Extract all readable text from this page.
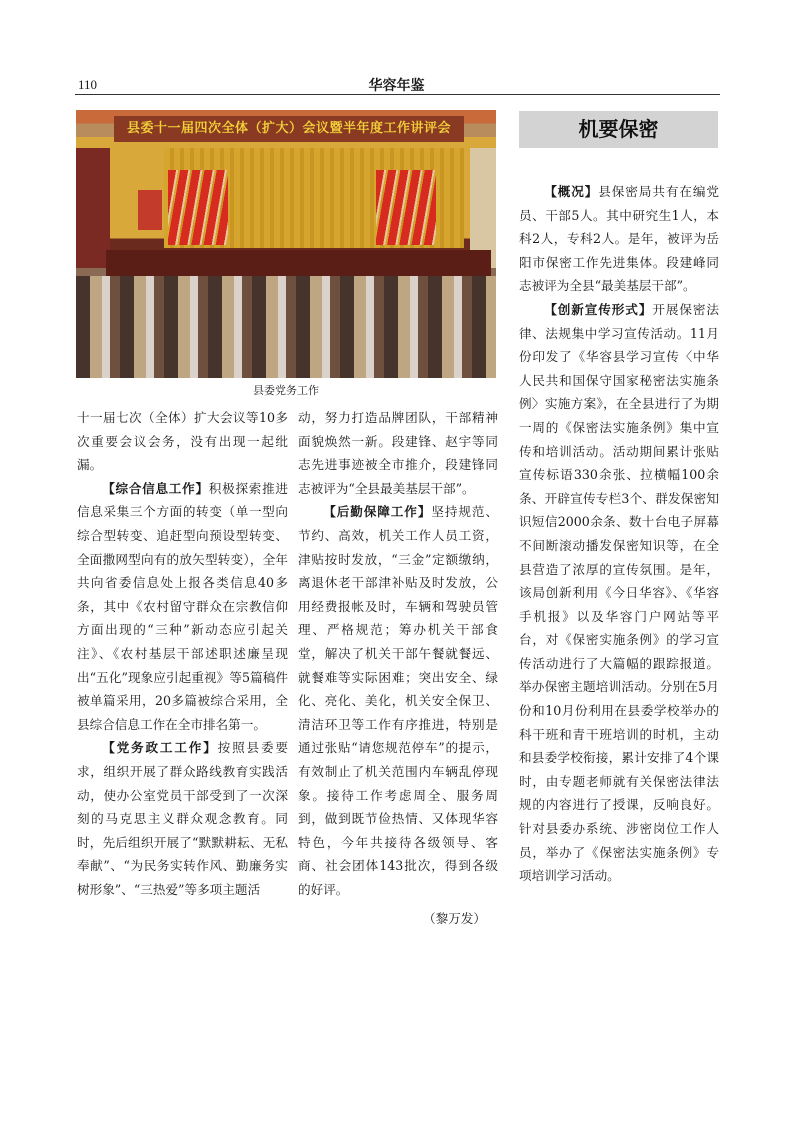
110	华容年鉴
县委十一届四次全体（扩大）会议暨半年度工作讲评会
县委党务工作

十一届七次（全体）扩大会议等10多次重要会议会务，没有出现一起纰漏。

【综合信息工作】积极探索推进信息采集三个方面的转变（单一型向综合型转变、追赶型向预设型转变、全面撒网型向有的放矢型转变），全年共向省委信息处上报各类信息40多条，其中《农村留守群众在宗教信仰方面出现的“三种”新动态应引起关注》、《农村基层干部述职述廉呈现出“五化”现象应引起重视》等5篇稿件被单篇采用，20多篇被综合采用，全县综合信息工作在全市排名第一。

【党务政工工作】按照县委要求，组织开展了群众路线教育实践活动，使办公室党员干部受到了一次深刻的马克思主义群众观念教育。同时，先后组织开展了“默默耕耘、无私奉献”、“为民务实转作风、勤廉务实树形象”、“三热爱”等多项主题活

动，努力打造品牌团队，干部精神面貌焕然一新。段建锋、赵宇等同志先进事迹被全市推介，段建锋同志被评为“全县最美基层干部”。

【后勤保障工作】坚持规范、节约、高效，机关工作人员工资，津贴按时发放，“三金”定额缴纳，离退休老干部津补贴及时发放，公用经费报帐及时，车辆和驾驶员管理、严格规范；筹办机关干部食堂，解决了机关干部午餐就餐远、就餐难等实际困难；突出安全、绿化、亮化、美化，机关安全保卫、清洁环卫等工作有序推进，特别是通过张贴“请您规范停车”的提示，有效制止了机关范围内车辆乱停现象。接待工作考虑周全、服务周到，做到既节俭热情、又体现华容特色，今年共接待各级领导、客商、社会团体143批次，得到各级的好评。

（黎万发）

机要保密

【概况】县保密局共有在编党员、干部5人。其中研究生1人，本科2人，专科2人。是年，被评为岳阳市保密工作先进集体。段建峰同志被评为全县“最美基层干部”。

【创新宣传形式】开展保密法律、法规集中学习宣传活动。11月份印发了《华容县学习宣传〈中华人民共和国保守国家秘密法实施条例〉实施方案》，在全县进行了为期一周的《保密法实施条例》集中宣传和培训活动。活动期间累计张贴宣传标语330余张、拉横幅100余条、开辟宣传专栏3个、群发保密知识短信2000余条、数十台电子屏幕不间断滚动播发保密知识等，在全县营造了浓厚的宣传氛围。是年，该局创新利用《今日华容》、《华容手机报》以及华容门户网站等平台，对《保密实施条例》的学习宣传活动进行了大篇幅的跟踪报道。举办保密主题培训活动。分别在5月份和10月份利用在县委学校举办的科干班和青干班培训的时机，主动和县委学校衔接，累计安排了4个课时，由专题老师就有关保密法律法规的内容进行了授课，反响良好。针对县委办系统、涉密岗位工作人员，举办了《保密法实施条例》专项培训学习活动。
